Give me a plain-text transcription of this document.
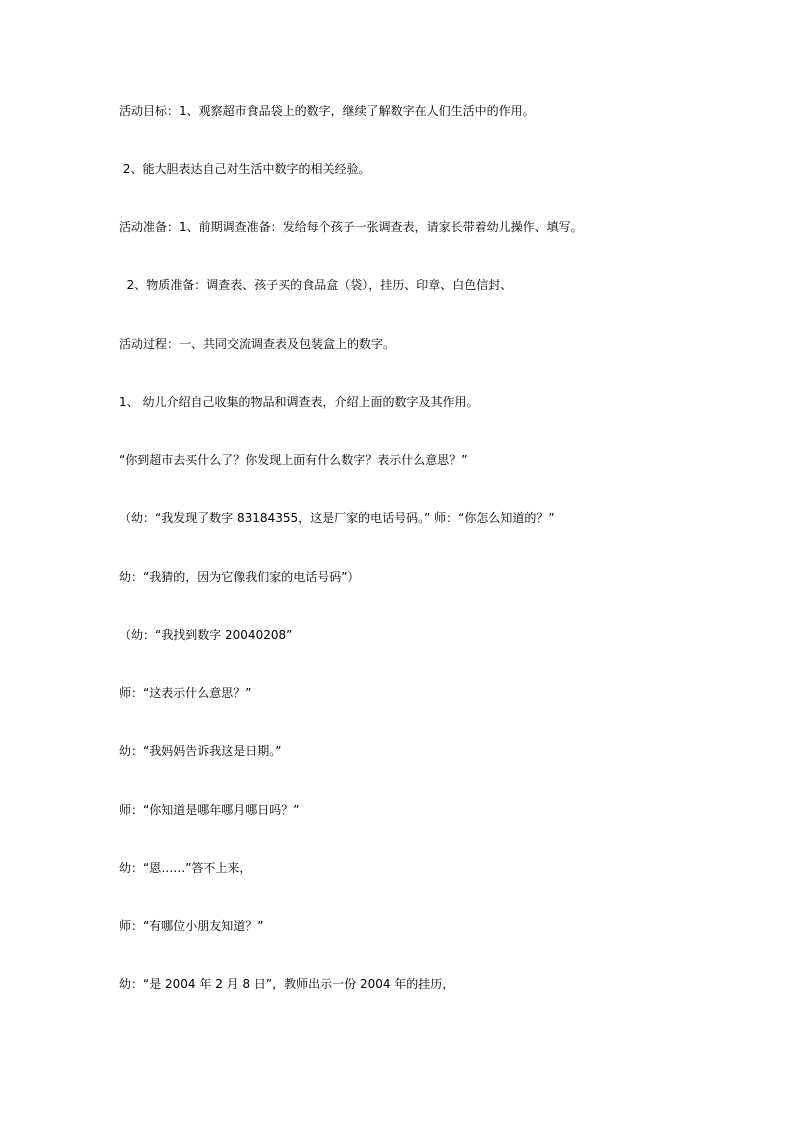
活动目标：1、观察超市食品袋上的数字，继续了解数字在人们生活中的作用。
2、能大胆表达自己对生活中数字的相关经验。
活动准备：1、前期调查准备：发给每个孩子一张调查表，请家长带着幼儿操作、填写。
2、物质准备：调查表、孩子买的食品盒（袋），挂历、印章、白色信封、
活动过程：一、共同交流调查表及包装盒上的数字。
1、 幼儿介绍自己收集的物品和调查表，介绍上面的数字及其作用。
“你到超市去买什么了？你发现上面有什么数字？表示什么意思？”
（幼：“我发现了数字 83184355，这是厂家的电话号码。” 师：“你怎么知道的？”
幼：“我猜的，因为它像我们家的电话号码”）
（幼：“我找到数字 20040208”
师：“这表示什么意思？”
幼：“我妈妈告诉我这是日期。”
师：“你知道是哪年哪月哪日吗？”
幼：“恩……”答不上来，
师：“有哪位小朋友知道？”
幼：“是 2004 年 2 月 8 日”，教师出示一份 2004 年的挂历，
